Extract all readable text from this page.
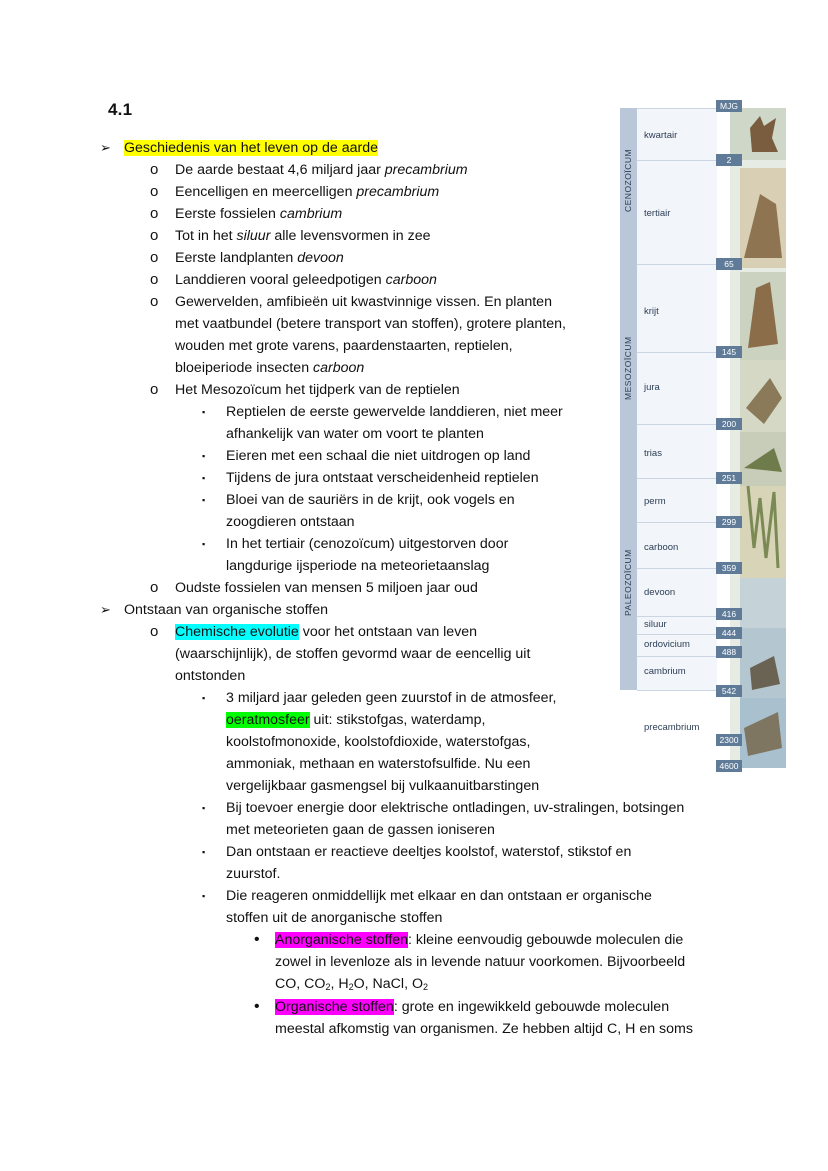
4.1
➢ Geschiedenis van het leven op de aarde
o De aarde bestaat 4,6 miljard jaar precambrium
o Eencelligen en meercelligen precambrium
o Eerste fossielen cambrium
o Tot in het siluur alle levensvormen in zee
o Eerste landplanten devoon
o Landdieren vooral geleedpotigen carboon
o Gewervelden, amfibieën uit kwastvinnige vissen. En planten
met vaatbundel (betere transport van stoffen), grotere planten,
wouden met grote varens, paardenstaarten, reptielen,
bloeiperiode insecten carboon
o Het Mesozoïcum het tijdperk van de reptielen
▪ Reptielen de eerste gewervelde landdieren, niet meer
afhankelijk van water om voort te planten
▪ Eieren met een schaal die niet uitdrogen op land
▪ Tijdens de jura ontstaat verscheidenheid reptielen
▪ Bloei van de sauriërs in de krijt, ook vogels en
zoogdieren ontstaan
▪ In het tertiair (cenozoïcum) uitgestorven door
langdurige ijsperiode na meteorietaanslag
o Oudste fossielen van mensen 5 miljoen jaar oud
➢ Ontstaan van organische stoffen
o Chemische evolutie voor het ontstaan van leven
(waarschijnlijk), de stoffen gevormd waar de eencellig uit
ontstonden
▪ 3 miljard jaar geleden geen zuurstof in de atmosfeer,
oeratmosfeer uit: stikstofgas, waterdamp,
koolstofmonoxide, koolstofdioxide, waterstofgas,
ammoniak, methaan en waterstofsulfide. Nu een
vergelijkbaar gasmengsel bij vulkaanuitbarstingen
▪ Bij toevoer energie door elektrische ontladingen, uv-stralingen, botsingen
met meteorieten gaan de gassen ioniseren
▪ Dan ontstaan er reactieve deeltjes koolstof, waterstof, stikstof en
zuurstof.
▪ Die reageren onmiddellijk met elkaar en dan ontstaan er organische
stoffen uit de anorganische stoffen
• Anorganische stoffen: kleine eenvoudig gebouwde moleculen die
zowel in levenloze als in levende natuur voorkomen. Bijvoorbeeld
CO, $CO_2$, $H_2O$, NaCl, $O_2$
• Organische stoffen: grote en ingewikkeld gebouwde moleculen
meestal afkomstig van organismen. Ze hebben altijd C, H en soms
CENOZOÏCUM
MESOZOÏCUM
PALEOZOÏCUM
kwartair
tertiair
krijt
jura
trias
perm
carboon
devoon
siluur
ordovicium
cambrium
precambrium
MJG
2
65
145
200
251
299
359
416
444
488
542
2300
4600
